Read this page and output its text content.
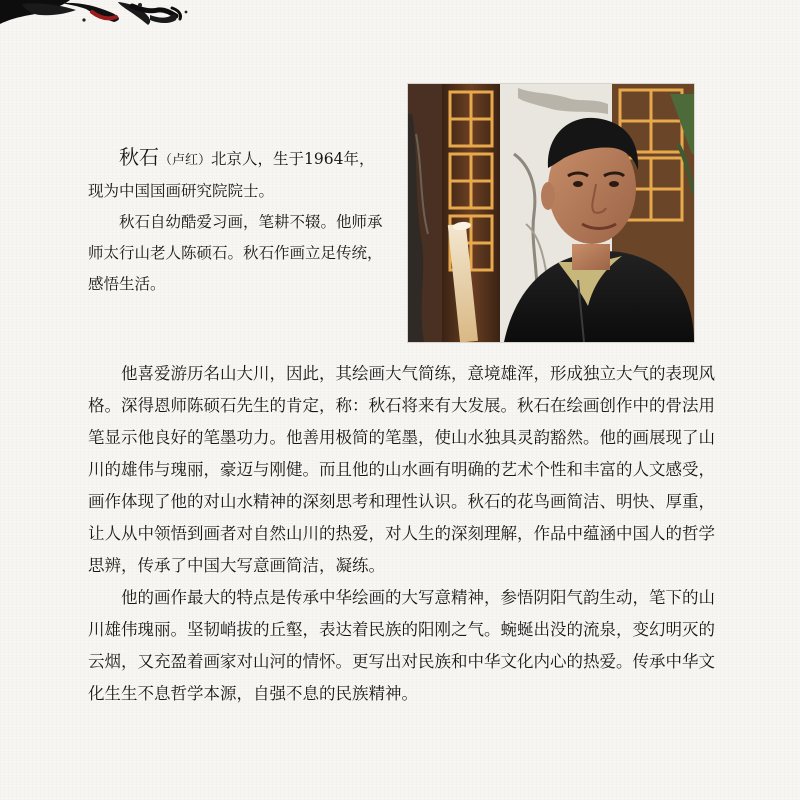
秋石（卢红）北京人，生于1964年，现为中国国画研究院院士。

秋石自幼酷爱习画，笔耕不辍。他师承师太行山老人陈硕石。秋石作画立足传统，感悟生活。

他喜爱游历名山大川，因此，其绘画大气简练，意境雄浑，形成独立大气的表现风格。深得恩师陈硕石先生的肯定，称：秋石将来有大发展。秋石在绘画创作中的骨法用笔显示他良好的笔墨功力。他善用极简的笔墨，使山水独具灵韵豁然。他的画展现了山川的雄伟与瑰丽，豪迈与刚健。而且他的山水画有明确的艺术个性和丰富的人文感受，画作体现了他的对山水精神的深刻思考和理性认识。秋石的花鸟画简洁、明快、厚重，让人从中领悟到画者对自然山川的热爱，对人生的深刻理解，作品中蕴涵中国人的哲学思辨，传承了中国大写意画简洁，凝练。

他的画作最大的特点是传承中华绘画的大写意精神，参悟阴阳气韵生动，笔下的山川雄伟瑰丽。坚韧峭拔的丘壑，表达着民族的阳刚之气。蜿蜒出没的流泉，变幻明灭的云烟，又充盈着画家对山河的情怀。更写出对民族和中华文化内心的热爱。传承中华文化生生不息哲学本源，自强不息的民族精神。
